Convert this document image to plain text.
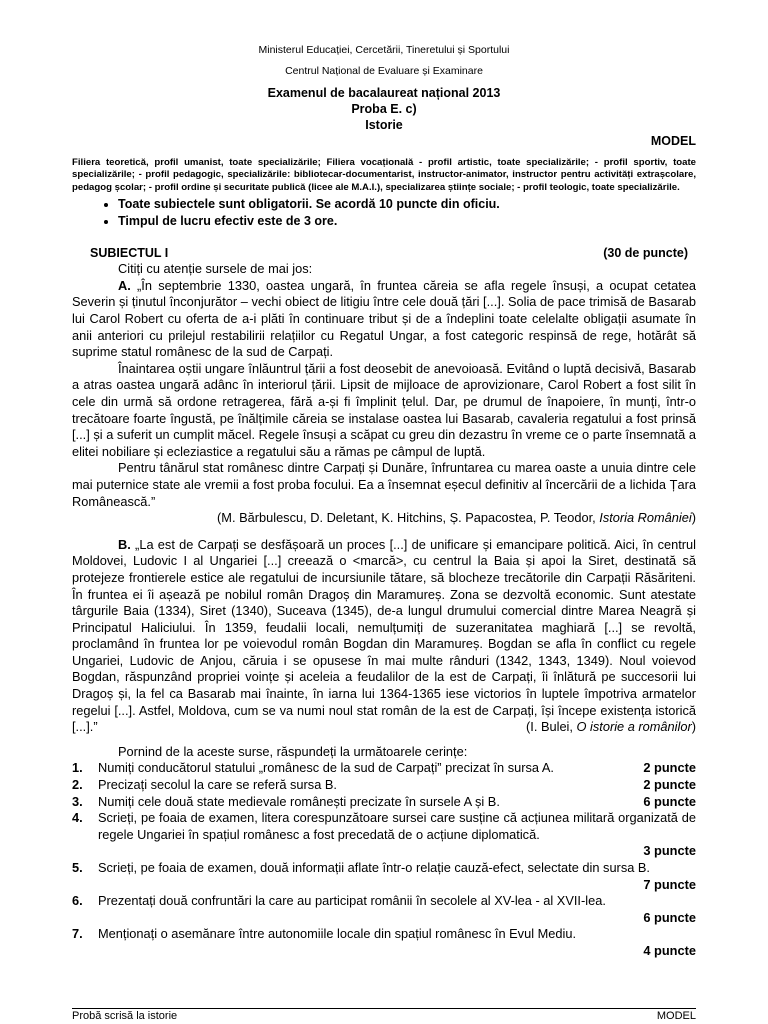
Ministerul Educației, Cercetării, Tineretului și Sportului
Centrul Național de Evaluare și Examinare
Examenul de bacalaureat național 2013
Proba E. c)
Istorie
MODEL
Filiera teoretică, profil umanist, toate specializările; Filiera vocațională - profil artistic, toate specializările; - profil sportiv, toate specializările; - profil pedagogic, specializările: bibliotecar-documentarist, instructor-animator, instructor pentru activități extrașcolare, pedagog școlar; - profil ordine și securitate publică (licee ale M.A.I.), specializarea științe sociale; - profil teologic, toate specializările.
• Toate subiectele sunt obligatorii. Se acordă 10 puncte din oficiu.
• Timpul de lucru efectiv este de 3 ore.
SUBIECTUL I	(30 de puncte)

Citiți cu atenție sursele de mai jos:

A. „În septembrie 1330, oastea ungară, în fruntea căreia se afla regele însuși, a ocupat cetatea Severin și ținutul înconjurător – vechi obiect de litigiu între cele două țări [...]. Solia de pace trimisă de Basarab lui Carol Robert cu oferta de a-i plăti în continuare tribut și de a îndeplini toate celelalte obligații asumate în anii anteriori cu prilejul restabilirii relațiilor cu Regatul Ungar, a fost categoric respinsă de rege, hotărât să suprime statul românesc de la sud de Carpați.

Înaintarea oștii ungare înlăuntrul țării a fost deosebit de anevoioasă. Evitând o luptă decisivă, Basarab a atras oastea ungară adânc în interiorul țării. Lipsit de mijloace de aprovizionare, Carol Robert a fost silit în cele din urmă să ordone retragerea, fără a-și fi împlinit țelul. Dar, pe drumul de înapoiere, în munți, într-o trecătoare foarte îngustă, pe înălțimile căreia se instalase oastea lui Basarab, cavaleria regatului a fost prinsă [...] și a suferit un cumplit măcel. Regele însuși a scăpat cu greu din dezastru în vreme ce o parte însemnată a elitei nobiliare și ecleziastice a regatului său a rămas pe câmpul de luptă.

Pentru tânărul stat românesc dintre Carpați și Dunăre, înfruntarea cu marea oaste a unuia dintre cele mai puternice state ale vremii a fost proba focului. Ea a însemnat eșecul definitiv al încercării de a lichida Țara Românească.”

(M. Bărbulescu, D. Deletant, K. Hitchins, Ș. Papacostea, P. Teodor, Istoria României)

B. „La est de Carpați se desfășoară un proces [...] de unificare și emancipare politică. Aici, în centrul Moldovei, Ludovic I al Ungariei [...] creează o <marcă>, cu centrul la Baia și apoi la Siret, destinată să protejeze frontierele estice ale regatului de incursiunile tătare, să blocheze trecătorile din Carpații Răsăriteni. În fruntea ei îi așează pe nobilul român Dragoș din Maramureș. Zona se dezvoltă economic. Sunt atestate târgurile Baia (1334), Siret (1340), Suceava (1345), de-a lungul drumului comercial dintre Marea Neagră și Principatul Haliciului. În 1359, feudalii locali, nemulțumiți de suzeranitatea maghiară [...] se revoltă, proclamând în fruntea lor pe voievodul român Bogdan din Maramureș. Bogdan se afla în conflict cu regele Ungariei, Ludovic de Anjou, căruia i se opusese în mai multe rânduri (1342, 1343, 1349). Noul voievod Bogdan, răspunzând propriei voințe și aceleia a feudalilor de la est de Carpați, îi înlătură pe succesorii lui Dragoș și, la fel ca Basarab mai înainte, în iarna lui 1364-1365 iese victorios în luptele împotriva armatelor regelui [...]. Astfel, Moldova, cum se va numi noul stat român de la est de Carpați, își începe existența istorică [...].”	(I. Bulei, O istorie a românilor)

Pornind de la aceste surse, răspundeți la următoarele cerințe:

1.	Numiți conducătorul statului „românesc de la sud de Carpați” precizat în sursa A.	2 puncte
2.	Precizați secolul la care se referă sursa B.	2 puncte
3.	Numiți cele două state medievale românești precizate în sursele A și B.	6 puncte
4.	Scrieți, pe foaia de examen, litera corespunzătoare sursei care susține că acțiunea militară organizată de regele Ungariei în spațiul românesc a fost precedată de o acțiune diplomatică.
3 puncte
5.	Scrieți, pe foaia de examen, două informații aflate într-o relație cauză-efect, selectate din sursa B.
7 puncte
6.	Prezentați două confruntări la care au participat românii în secolele al XV-lea - al XVII-lea.
6 puncte
7.	Menționați o asemănare între autonomiile locale din spațiul românesc în Evul Mediu.
4 puncte
Probă scrisă la istorie	MODEL
